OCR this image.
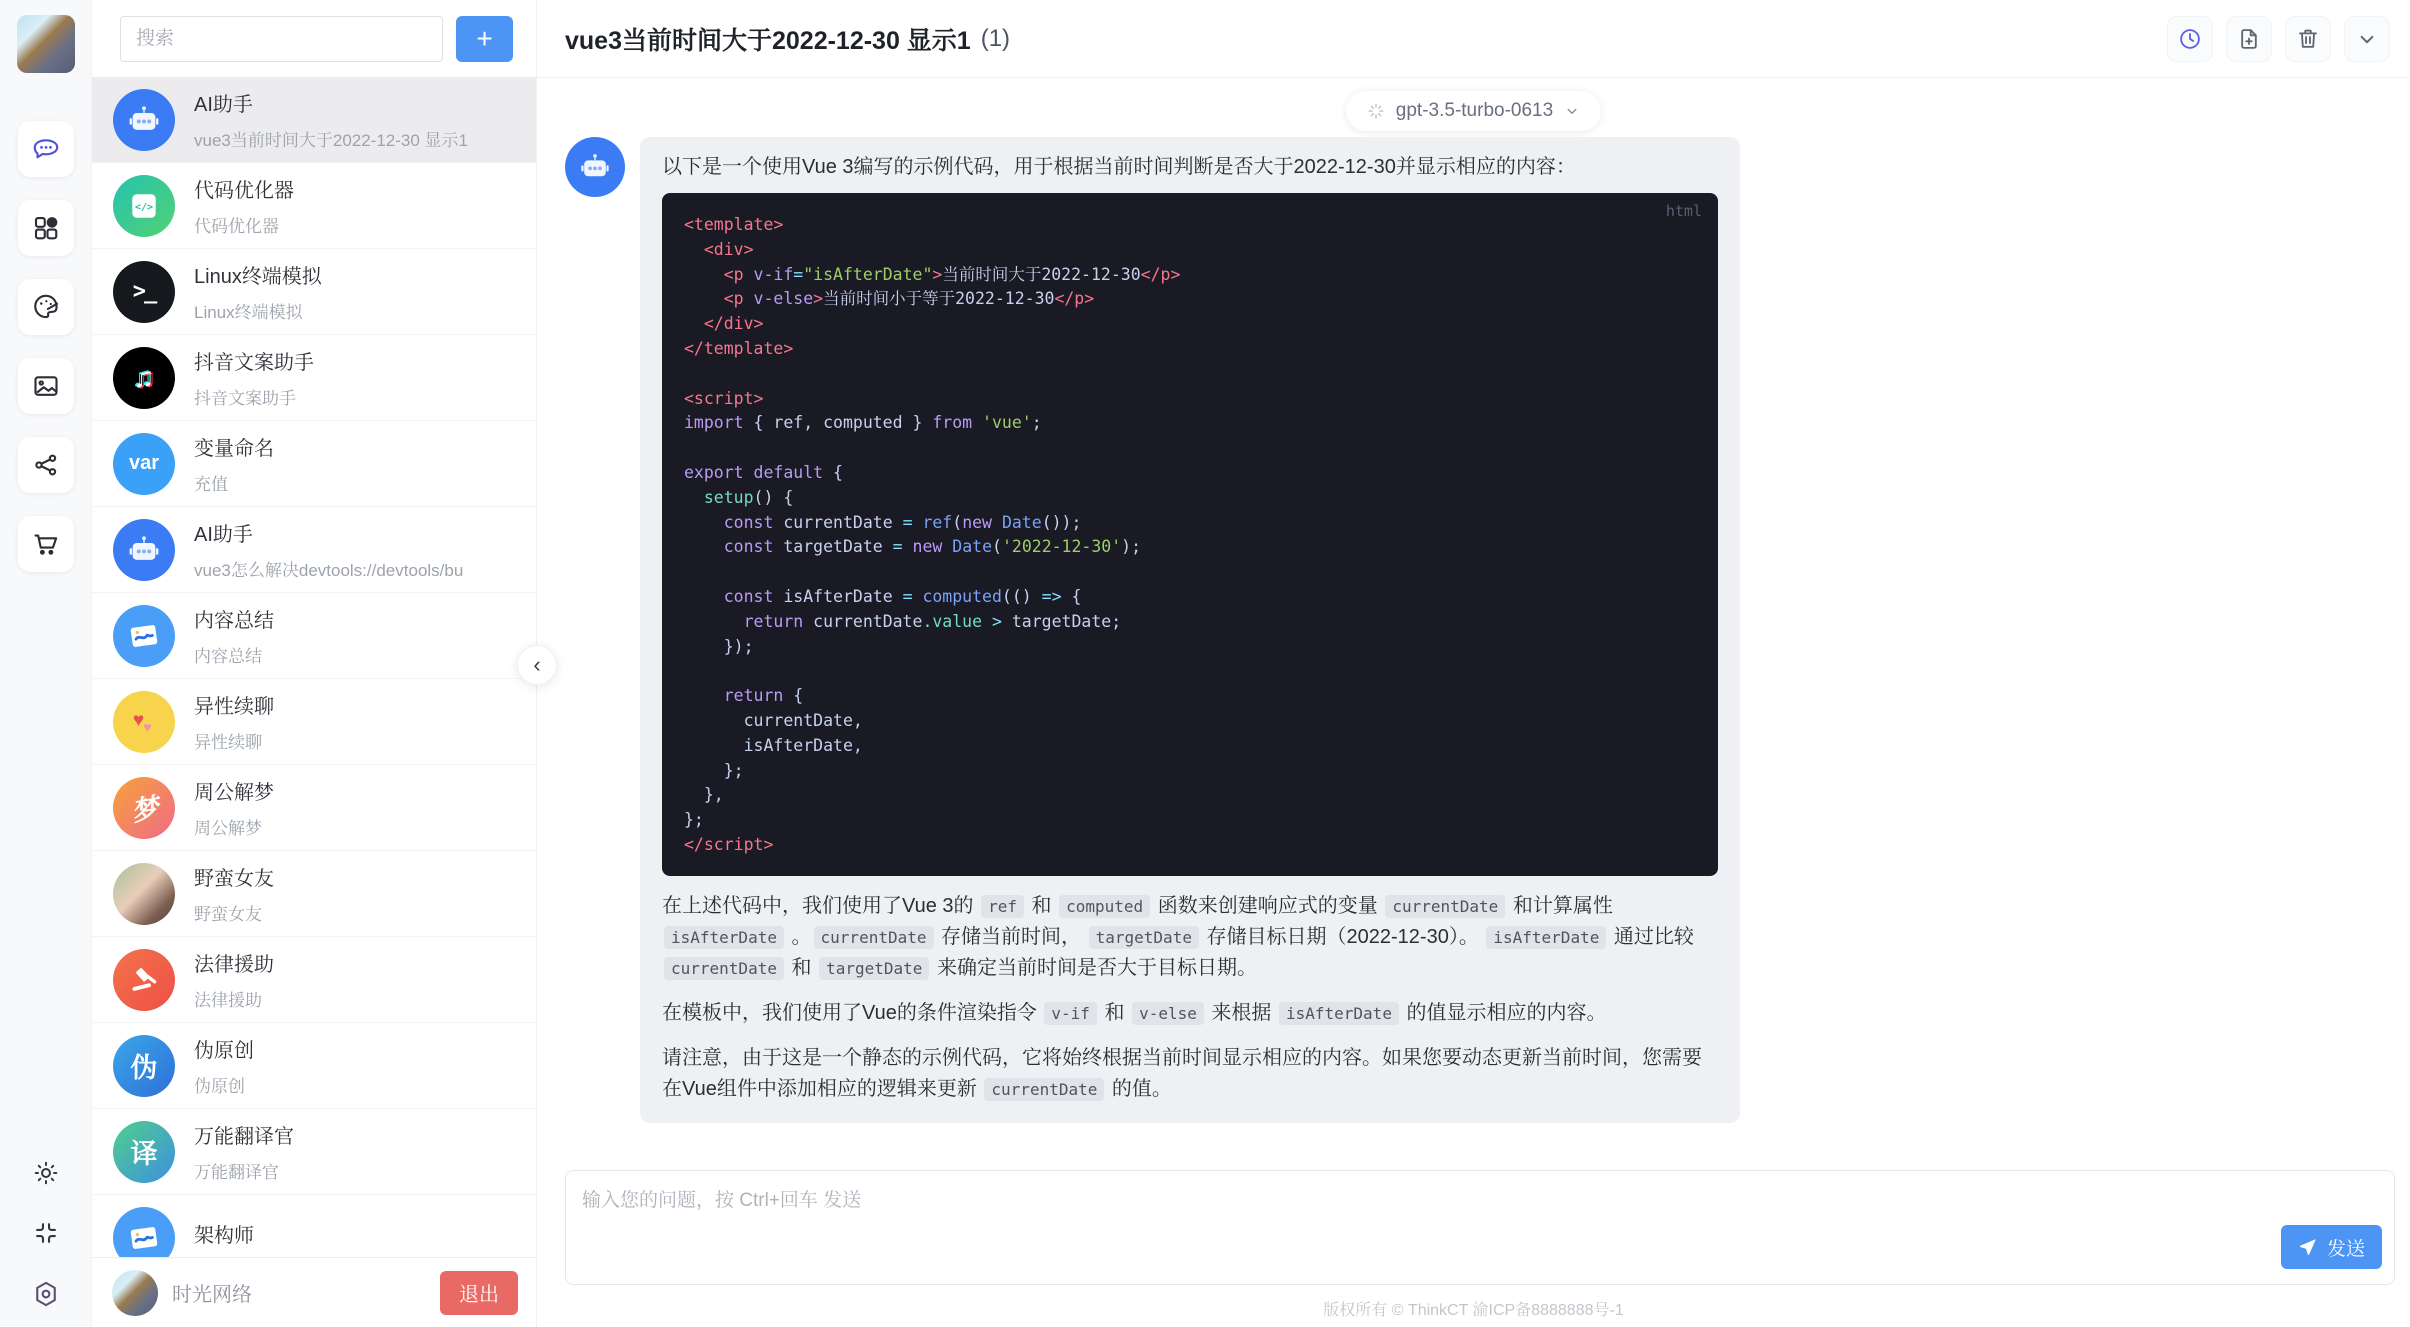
搜索
+
AI助手
vue3当前时间大于2022-12-30 显示1
</>
代码优化器
代码优化器
>_
Linux终端模拟
Linux终端模拟
♫ 抖音文案助手
抖音文案助手
var
变量命名
充值
AI助手
vue3怎么解决devtools://devtools/bu
内容总结
内容总结
♥ ♥
异性续聊
异性续聊
梦 周公解梦
周公解梦
野蛮女友
野蛮女友
法律援助
法律援助
伪
伪原创
伪原创
译
万能翻译官
万能翻译官
架构师
时光网络	退出
‹
vue3当前时间大于2022-12-30 显示1 (1)
gpt-3.5-turbo-0613
以下是一个使用Vue 3编写的示例代码，用于根据当前时间判断是否大于2022-12-30并显示相应的内容：
html
<template>
<div>
<p v-if="isAfterDate">当前时间大于2022-12-30</p>
<p v-else>当前时间小于等于2022-12-30</p>
</div>
</template>

<script>
import { ref, computed } from 'vue';

export default {
setup() {
const currentDate = ref(new Date());
const targetDate = new Date('2022-12-30');

const isAfterDate = computed(() => {
return currentDate.value > targetDate;
});

return {
currentDate,
isAfterDate,
};
},
};
</script>
在上述代码中，我们使用了Vue 3的 ref 和 computed 函数来创建响应式的变量 currentDate 和计算属性 isAfterDate 。 currentDate 存储当前时间， targetDate 存储目标日期（2022-12-30）。 isAfterDate 通过比较 currentDate 和 targetDate 来确定当前时间是否大于目标日期。
在模板中，我们使用了Vue的条件渲染指令 v-if 和 v-else 来根据 isAfterDate 的值显示相应的内容。
请注意，由于这是一个静态的示例代码，它将始终根据当前时间显示相应的内容。如果您要动态更新当前时间，您需要在Vue组件中添加相应的逻辑来更新 currentDate 的值。
输入您的问题，按 Ctrl+回车 发送
发送
版权所有 © ThinkCT 渝ICP备8888888号-1
